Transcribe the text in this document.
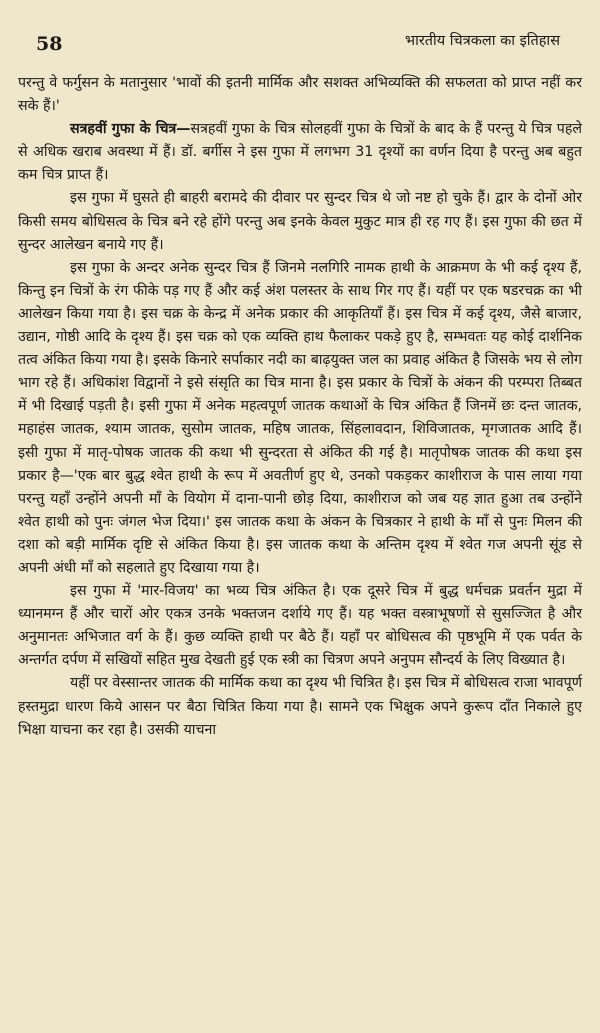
58	भारतीय चित्रकला का इतिहास

परन्तु वे फर्गुसन के मतानुसार 'भावों की इतनी मार्मिक और सशक्त अभिव्यक्ति की सफलता को प्राप्त नहीं कर सके हैं।'

सत्रहवीं गुफा के चित्र—सत्रहवीं गुफा के चित्र सोलहवीं गुफा के चित्रों के बाद के हैं परन्तु ये चित्र पहले से अधिक खराब अवस्था में हैं। डॉ. बर्गीस ने इस गुफा में लगभग 31 दृश्यों का वर्णन दिया है परन्तु अब बहुत कम चित्र प्राप्त हैं।

इस गुफा में घुसते ही बाहरी बरामदे की दीवार पर सुन्दर चित्र थे जो नष्ट हो चुके हैं। द्वार के दोनों ओर किसी समय बोधिसत्व के चित्र बने रहे होंगे परन्तु अब इनके केवल मुकुट मात्र ही रह गए हैं। इस गुफा की छत में सुन्दर आलेखन बनाये गए हैं।

इस गुफा के अन्दर अनेक सुन्दर चित्र हैं जिनमे नलगिरि नामक हाथी के आक्रमण के भी कई दृश्य हैं, किन्तु इन चित्रों के रंग फीके पड़ गए हैं और कई अंश पलस्तर के साथ गिर गए हैं। यहीं पर एक षडरचक्र का भी आलेखन किया गया है। इस चक्र के केन्द्र में अनेक प्रकार की आकृतियाँ हैं। इस चित्र में कई दृश्य, जैसे बाजार, उद्यान, गोष्ठी आदि के दृश्य हैं। इस चक्र को एक व्यक्ति हाथ फैलाकर पकड़े हुए है, सम्भवतः यह कोई दार्शनिक तत्व अंकित किया गया है। इसके किनारे सर्पाकार नदी का बाढ़युक्त जल का प्रवाह अंकित है जिसके भय से लोग भाग रहे हैं। अधिकांश विद्वानों ने इसे संसृति का चित्र माना है। इस प्रकार के चित्रों के अंकन की परम्परा तिब्बत में भी दिखाई पड़ती है। इसी गुफा में अनेक महत्वपूर्ण जातक कथाओं के चित्र अंकित हैं जिनमें छः दन्त जातक, महाहंस जातक, श्याम जातक, सुसोम जातक, महिष जातक, सिंहलावदान, शिविजातक, मृगजातक आदि हैं। इसी गुफा में मातृ-पोषक जातक की कथा भी सुन्दरता से अंकित की गई है। मातृपोषक जातक की कथा इस प्रकार है—'एक बार बुद्ध श्वेत हाथी के रूप में अवतीर्ण हुए थे, उनको पकड़कर काशीराज के पास लाया गया परन्तु यहाँ उन्होंने अपनी माँ के वियोग में दाना-पानी छोड़ दिया, काशीराज को जब यह ज्ञात हुआ तब उन्होंने श्वेत हाथी को पुनः जंगल भेज दिया।' इस जातक कथा के अंकन के चित्रकार ने हाथी के माँ से पुनः मिलन की दशा को बड़ी मार्मिक दृष्टि से अंकित किया है। इस जातक कथा के अन्तिम दृश्य में श्वेत गज अपनी सूंड से अपनी अंधी माँ को सहलाते हुए दिखाया गया है।

इस गुफा में 'मार-विजय' का भव्य चित्र अंकित है। एक दूसरे चित्र में बुद्ध धर्मचक्र प्रवर्तन मुद्रा में ध्यानमग्न हैं और चारों ओर एकत्र उनके भक्तजन दर्शाये गए हैं। यह भक्त वस्त्राभूषणों से सुसज्जित है और अनुमानतः अभिजात वर्ग के हैं। कुछ व्यक्ति हाथी पर बैठे हैं। यहाँ पर बोधिसत्व की पृष्ठभूमि में एक पर्वत के अन्तर्गत दर्पण में सखियों सहित मुख देखती हुई एक स्त्री का चित्रण अपने अनुपम सौन्दर्य के लिए विख्यात है।

यहीं पर वेस्सान्तर जातक की मार्मिक कथा का दृश्य भी चित्रित है। इस चित्र में बोधिसत्व राजा भावपूर्ण हस्तमुद्रा धारण किये आसन पर बैठा चित्रित किया गया है। सामने एक भिक्षुक अपने कुरूप दाँत निकाले हुए भिक्षा याचना कर रहा है। उसकी याचना
